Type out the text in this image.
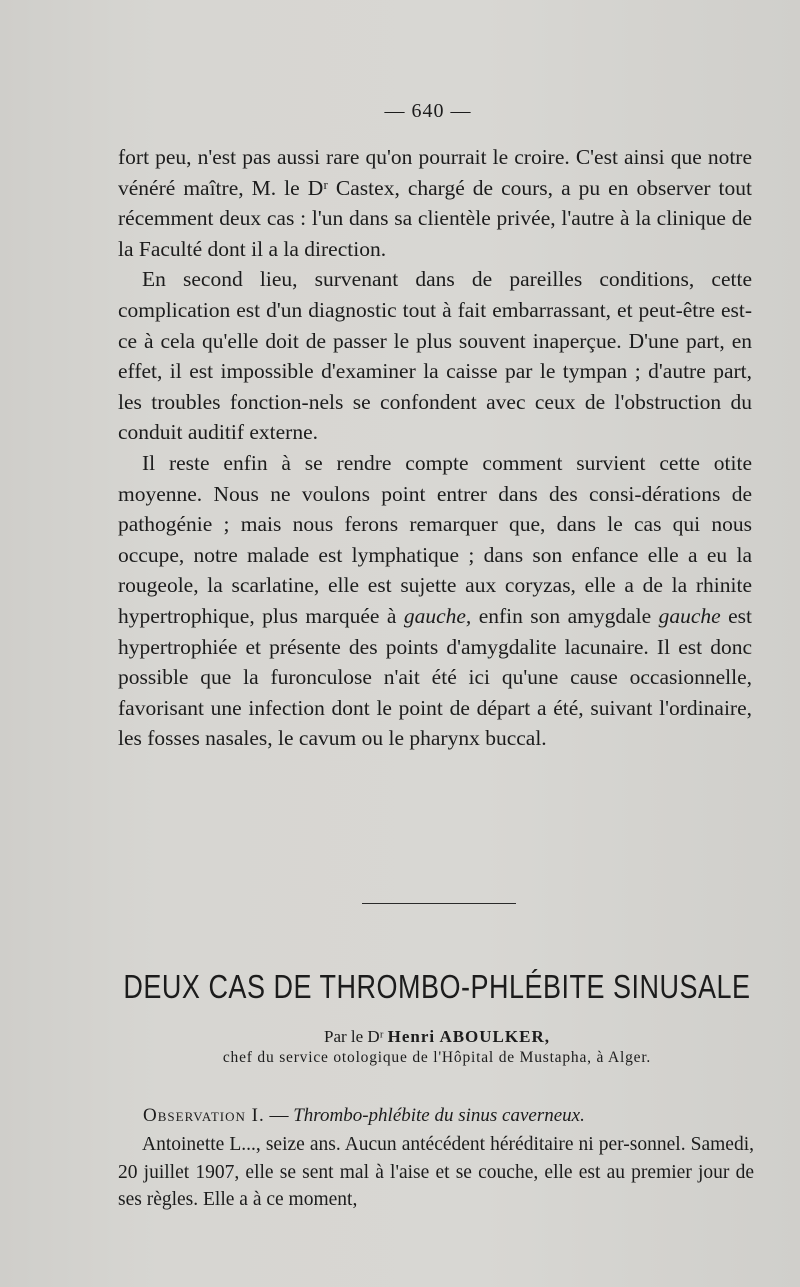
— 640 —

fort peu, n'est pas aussi rare qu'on pourrait le croire. C'est ainsi que notre vénéré maître, M. le Dʳ Castex, chargé de cours, a pu en observer tout récemment deux cas : l'un dans sa clientèle privée, l'autre à la clinique de la Faculté dont il a la direction.

En second lieu, survenant dans de pareilles conditions, cette complication est d'un diagnostic tout à fait embarrassant, et peut-être est-ce à cela qu'elle doit de passer le plus souvent inaperçue. D'une part, en effet, il est impossible d'examiner la caisse par le tympan ; d'autre part, les troubles fonction-nels se confondent avec ceux de l'obstruction du conduit auditif externe.

Il reste enfin à se rendre compte comment survient cette otite moyenne. Nous ne voulons point entrer dans des consi-dérations de pathogénie ; mais nous ferons remarquer que, dans le cas qui nous occupe, notre malade est lymphatique ; dans son enfance elle a eu la rougeole, la scarlatine, elle est sujette aux coryzas, elle a de la rhinite hypertrophique, plus marquée à gauche, enfin son amygdale gauche est hypertrophiée et présente des points d'amygdalite lacunaire. Il est donc possible que la furonculose n'ait été ici qu'une cause occasionnelle, favorisant une infection dont le point de départ a été, suivant l'ordinaire, les fosses nasales, le cavum ou le pharynx buccal.

DEUX CAS DE THROMBO-PHLÉBITE SINUSALE
Par le Dʳ Henri ABOULKER,
chef du service otologique de l'Hôpital de Mustapha, à Alger.
Observation I. — Thrombo-phlébite du sinus caverneux.

Antoinette L..., seize ans. Aucun antécédent héréditaire ni per-sonnel. Samedi, 20 juillet 1907, elle se sent mal à l'aise et se couche, elle est au premier jour de ses règles. Elle a à ce moment,
